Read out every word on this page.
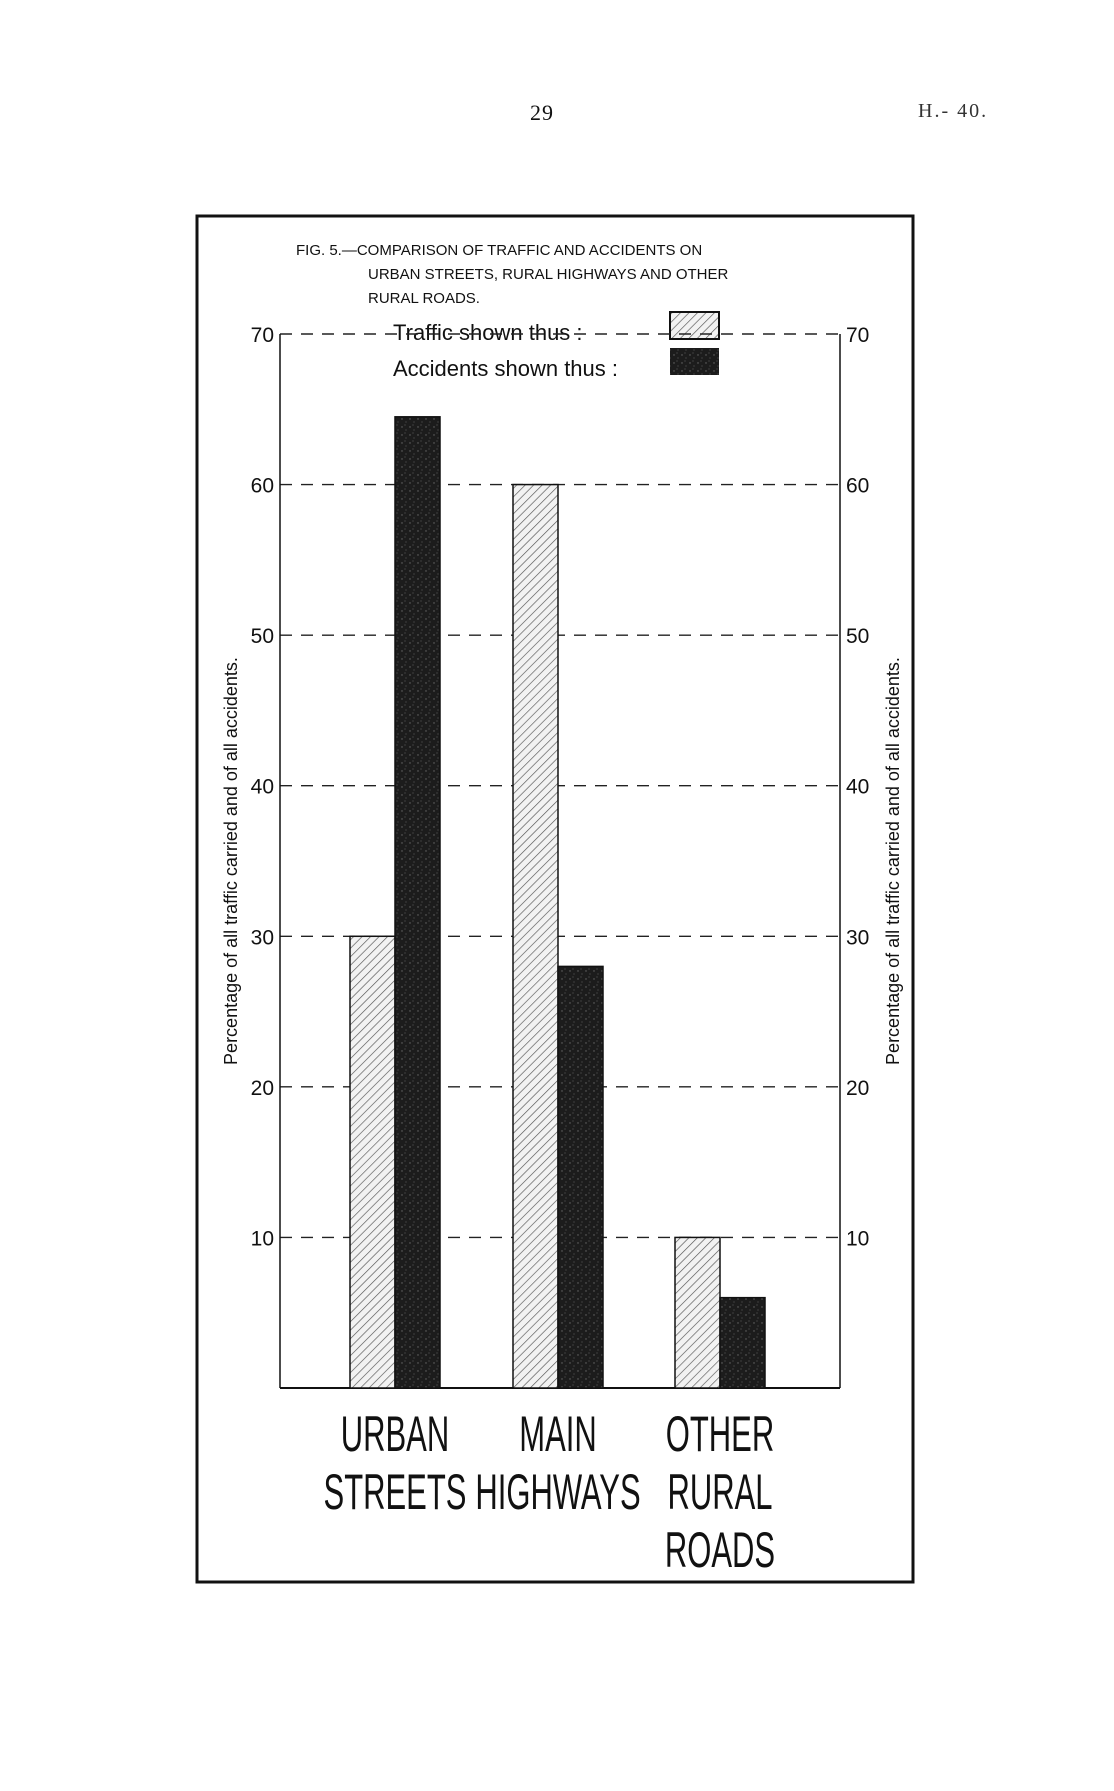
29	H.- 40.
FIG. 5.—COMPARISON OF TRAFFIC AND ACCIDENTS ON
URBAN STREETS, RURAL HIGHWAYS AND OTHER
RURAL ROADS.
Traffic shown thus :
Accidents shown thus :
10	10
20	20
30	30
40	40
50	50
60	60
70	70
URBAN
STREETS
MAIN
HIGHWAYS
OTHER
RURAL
ROADS
Percentage of all traffic carried and of all accidents.	Percentage of all traffic carried and of all accidents.
